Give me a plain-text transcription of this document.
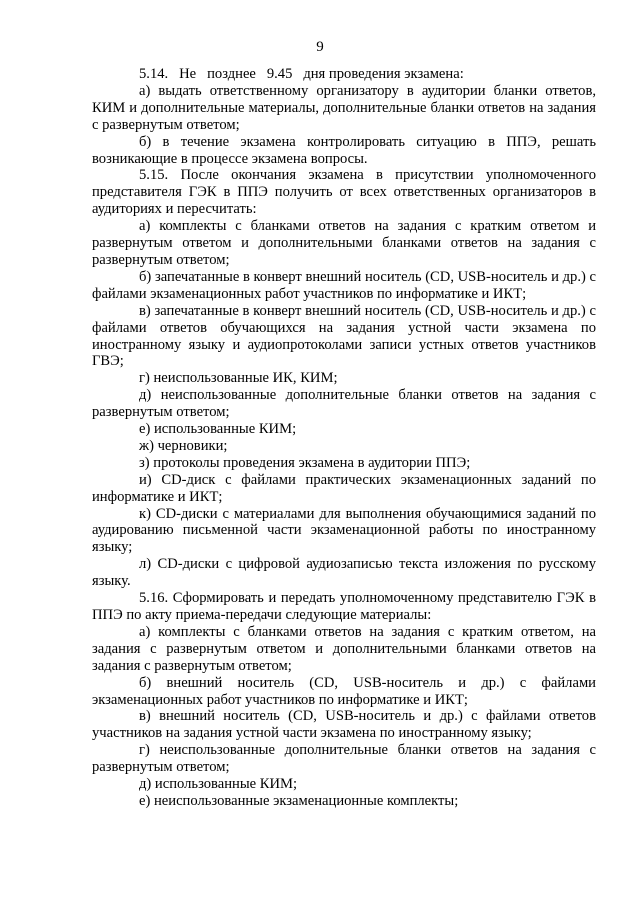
9

5.14.   Не   позднее   9.45   дня проведения экзамена:

а) выдать ответственному организатору в аудитории бланки ответов, КИМ и дополнительные материалы, дополнительные бланки ответов на задания с развернутым ответом;

б) в течение экзамена контролировать ситуацию в ППЭ, решать возникающие в процессе экзамена вопросы.

5.15. После окончания экзамена в присутствии уполномоченного представителя ГЭК в ППЭ получить от всех ответственных организаторов в аудиториях и пересчитать:

а) комплекты с бланками ответов на задания с кратким ответом и развернутым ответом и дополнительными бланками ответов на задания с развернутым ответом;

б) запечатанные в конверт внешний носитель (CD, USB-носитель и др.) с файлами экзаменационных работ участников по информатике и ИКТ;

в) запечатанные в конверт внешний носитель (CD, USB-носитель и др.) с файлами ответов обучающихся на задания устной части экзамена по иностранному языку и аудиопротоколами записи устных ответов участников ГВЭ;

г) неиспользованные ИК, КИМ;

д) неиспользованные дополнительные бланки ответов на задания с развернутым ответом;

е) использованные КИМ;

ж) черновики;

з) протоколы проведения экзамена в аудитории ППЭ;

и) CD-диск с файлами практических экзаменационных заданий по информатике и ИКТ;

к) CD-диски с материалами для выполнения обучающимися заданий по аудированию письменной части экзаменационной работы по иностранному языку;

л) CD-диски с цифровой аудиозаписью текста изложения по русскому языку.

5.16. Сформировать и передать уполномоченному представителю ГЭК в ППЭ по акту приема-передачи следующие материалы:

а) комплекты с бланками ответов на задания с кратким ответом, на задания с развернутым ответом и дополнительными бланками ответов на задания с развернутым ответом;

б) внешний носитель (CD, USB-носитель и др.) с файлами экзаменационных работ участников по информатике и ИКТ;

в) внешний носитель (CD, USB-носитель и др.) с файлами ответов участников на задания устной части экзамена по иностранному языку;

г) неиспользованные дополнительные бланки ответов на задания с развернутым ответом;

д) использованные КИМ;

е) неиспользованные экзаменационные комплекты;
